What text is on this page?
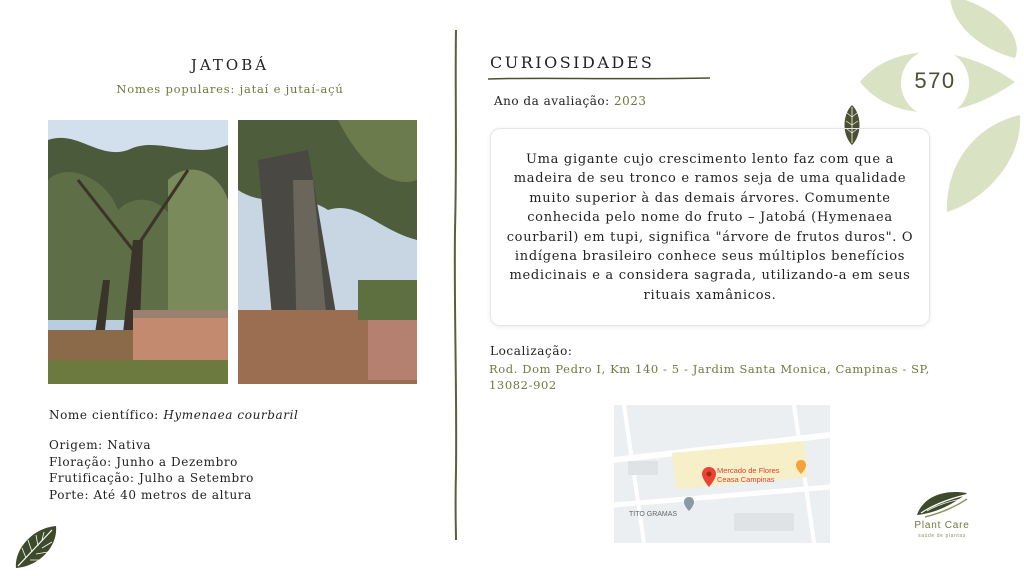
570
JATOBÁ
Nomes populares: jataí e jutaí-açú
Nome científico: Hymenaea courbaril
Origem: Nativa
Floração: Junho a Dezembro
Frutificação: Julho a Setembro
Porte: Até 40 metros de altura
CURIOSIDADES
Ano da avaliação: 2023
Uma gigante cujo crescimento lento faz com que a madeira de seu tronco e ramos seja de uma qualidade muito superior à das demais árvores. Comumente conhecida pelo nome do fruto – Jatobá (Hymenaea courbaril) em tupi, significa "árvore de frutos duros". O indígena brasileiro conhece seus múltiplos benefícios medicinais e a considera sagrada, utilizando-a em seus rituais xamânicos.
Localização:
Rod. Dom Pedro I, Km 140 - 5 - Jardim Santa Monica, Campinas - SP, 13082-902
Mercado de Flores
Ceasa Campinas
TITO GRAMAS
Plant Care
saúde de plantas
